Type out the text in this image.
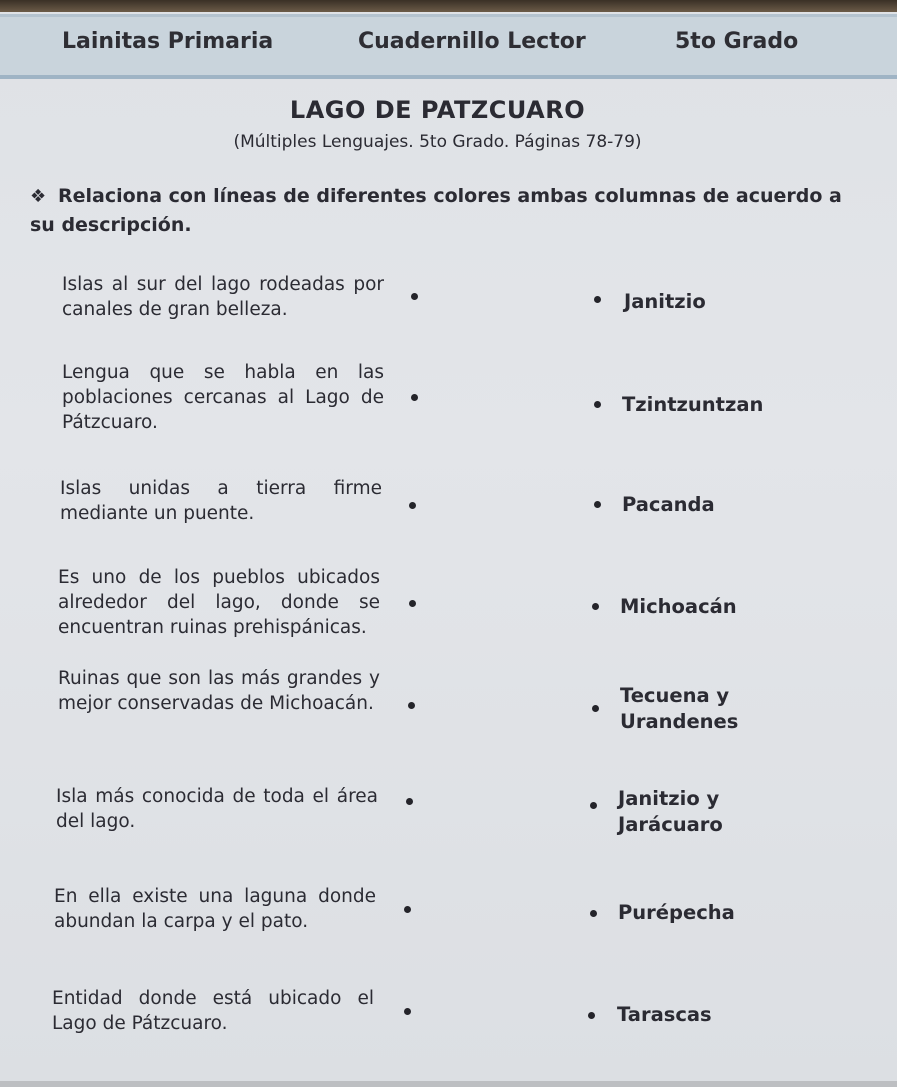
Lainitas Primaria	Cuadernillo Lector	5to Grado
LAGO DE PATZCUARO
(Múltiples Lenguajes. 5to Grado. Páginas 78-79)
❖ Relaciona con líneas de diferentes colores ambas columnas de acuerdo a su descripción.
Islas al sur del lago rodeadas por canales de gran belleza.
Lengua que se habla en las poblaciones cercanas al Lago de Pátzcuaro.
Islas unidas a tierra firme mediante un puente.
Es uno de los pueblos ubicados alrededor del lago, donde se encuentran ruinas prehispánicas.
Ruinas que son las más grandes y mejor conservadas de Michoacán.
Isla más conocida de toda el área del lago.
En ella existe una laguna donde abundan la carpa y el pato.
Entidad donde está ubicado el Lago de Pátzcuaro.
Janitzio
Tzintzuntzan
Pacanda
Michoacán
Tecuena y
Urandenes
Janitzio y
Jarácuaro
Purépecha
Tarascas
